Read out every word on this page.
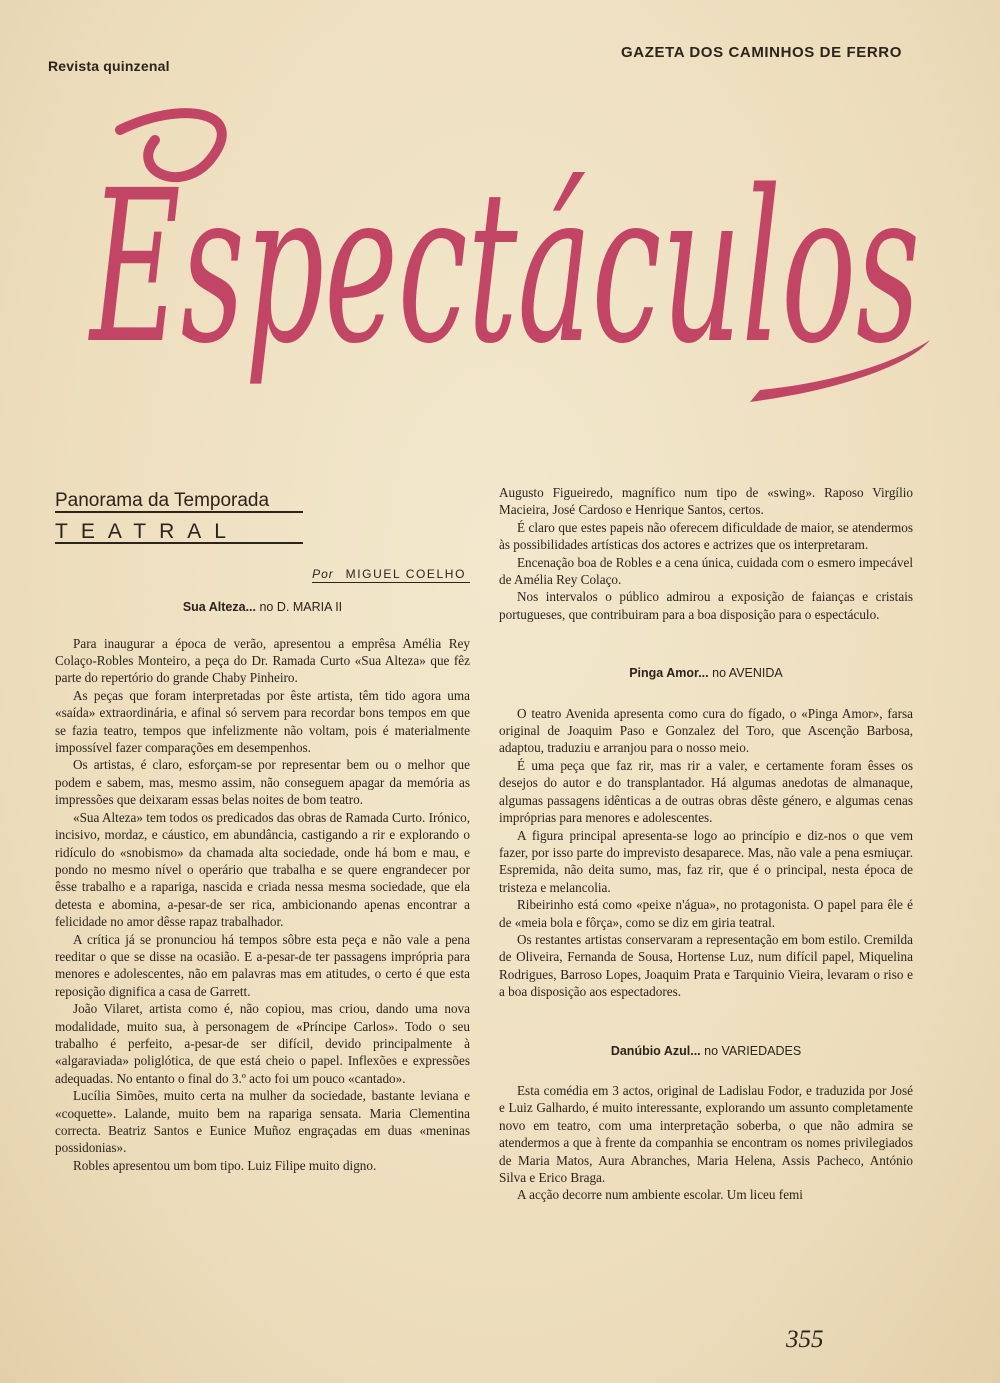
Revista quinzenal
GAZETA DOS CAMINHOS DE FERRO
Espectáculos
Panorama da Temporada
TEATRAL
Por MIGUEL COELHO
Sua Alteza... no D. MARIA II

Para inaugurar a época de verão, apresentou a emprêsa Amélia Rey Colaço-Robles Monteiro, a peça do Dr. Ramada Curto «Sua Alteza» que fêz parte do repertório do grande Chaby Pinheiro.

As peças que foram interpretadas por êste artista, têm tido agora uma «saída» extraordinária, e afinal só servem para recordar bons tempos em que se fazia teatro, tempos que infelizmente não voltam, pois é materialmente impossível fazer comparações em desempenhos.

Os artistas, é claro, esforçam-se por representar bem ou o melhor que podem e sabem, mas, mesmo assim, não conseguem apagar da memória as impressões que deixaram essas belas noites de bom teatro.

«Sua Alteza» tem todos os predicados das obras de Ramada Curto. Irónico, incisivo, mordaz, e cáustico, em abundância, castigando a rir e explorando o ridículo do «snobismo» da chamada alta sociedade, onde há bom e mau, e pondo no mesmo nível o operário que trabalha e se quere engrandecer por êsse trabalho e a rapariga, nascida e criada nessa mesma sociedade, que ela detesta e abomina, a-pesar-de ser rica, ambicionando apenas encontrar a felicidade no amor dêsse rapaz trabalhador.

A crítica já se pronunciou há tempos sôbre esta peça e não vale a pena reeditar o que se disse na ocasião. E a-pesar-de ter passagens imprópria para menores e adolescentes, não em palavras mas em atitudes, o certo é que esta reposição dignifica a casa de Garrett.

João Vilaret, artista como é, não copiou, mas criou, dando uma nova modalidade, muito sua, à personagem de «Príncipe Carlos». Todo o seu trabalho é perfeito, a-pesar-de ser difícil, devido principalmente à «algaraviada» poliglótica, de que está cheio o papel. Inflexões e expressões adequadas. No entanto o final do 3.º acto foi um pouco «cantado».

Lucília Simões, muito certa na mulher da sociedade, bastante leviana e «coquette». Lalande, muito bem na rapariga sensata. Maria Clementina correcta. Beatriz Santos e Eunice Muñoz engraçadas em duas «meninas possidonias».

Robles apresentou um bom tipo. Luiz Filipe muito digno.

Augusto Figueiredo, magnífico num tipo de «swing». Raposo Virgílio Macieira, José Cardoso e Henrique Santos, certos.

É claro que estes papeis não oferecem dificuldade de maior, se atendermos às possibilidades artísticas dos actores e actrizes que os interpretaram.

Encenação boa de Robles e a cena única, cuidada com o esmero impecável de Amélia Rey Colaço.

Nos intervalos o público admirou a exposição de faianças e cristais portugueses, que contribuiram para a boa disposição para o espectáculo.

Pinga Amor... no AVENIDA

O teatro Avenida apresenta como cura do fígado, o «Pinga Amor», farsa original de Joaquim Paso e Gonzalez del Toro, que Ascenção Barbosa, adaptou, traduziu e arranjou para o nosso meio.

É uma peça que faz rir, mas rir a valer, e certamente foram êsses os desejos do autor e do transplantador. Há algumas anedotas de almanaque, algumas passagens idênticas a de outras obras dêste género, e algumas cenas impróprias para menores e adolescentes.

A figura principal apresenta-se logo ao princípio e diz-nos o que vem fazer, por isso parte do imprevisto desaparece. Mas, não vale a pena esmiuçar. Espremida, não deita sumo, mas, faz rir, que é o principal, nesta época de tristeza e melancolia.

Ribeirinho está como «peixe n'água», no protagonista. O papel para êle é de «meia bola e fôrça», como se diz em giria teatral.

Os restantes artistas conservaram a representação em bom estilo. Cremilda de Oliveira, Fernanda de Sousa, Hortense Luz, num difícil papel, Miquelina Rodrigues, Barroso Lopes, Joaquim Prata e Tarquinio Vieira, levaram o riso e a boa disposição aos espectadores.

Danúbio Azul... no VARIEDADES

Esta comédia em 3 actos, original de Ladislau Fodor, e traduzida por José e Luiz Galhardo, é muito interessante, explorando um assunto completamente novo em teatro, com uma interpretação soberba, o que não admira se atendermos a que à frente da companhia se encontram os nomes privilegiados de Maria Matos, Aura Abranches, Maria Helena, Assis Pacheco, António Silva e Erico Braga.

A acção decorre num ambiente escolar. Um liceu femi

355
